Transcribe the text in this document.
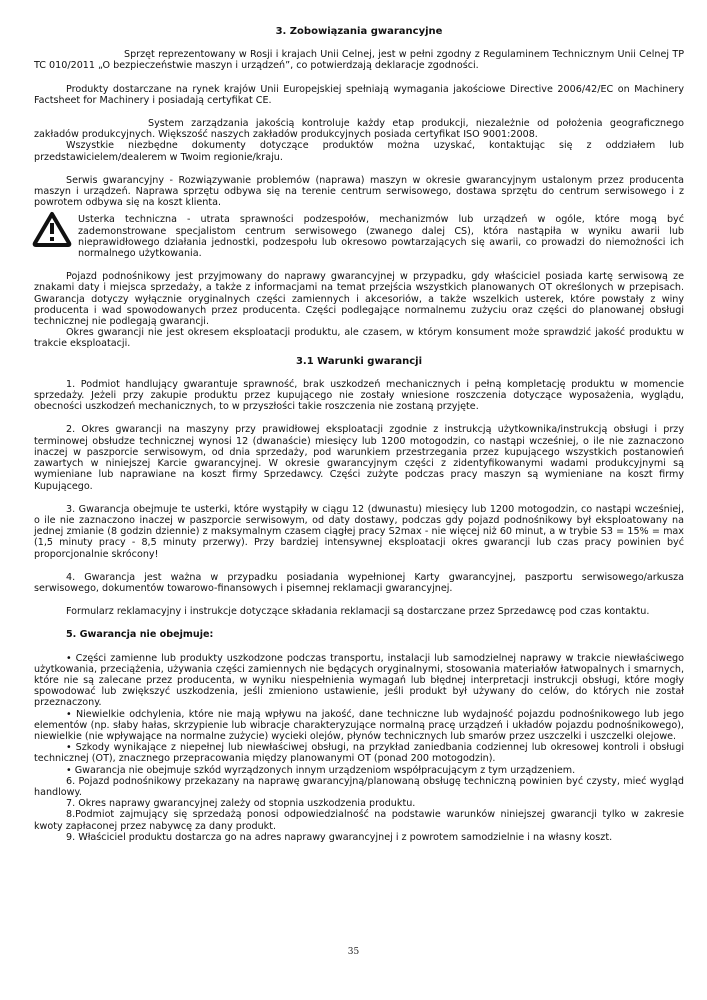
3. Zobowiązania gwarancyjne

Sprzęt reprezentowany w Rosji i krajach Unii Celnej, jest w pełni zgodny z Regulaminem Technicznym Unii Celnej TP TC 010/2011 „O bezpieczeństwie maszyn i urządzeń”, co potwierdzają deklaracje zgodności.

Produkty dostarczane na rynek krajów Unii Europejskiej spełniają wymagania jakościowe Directive 2006/42/EC on Machinery Factsheet for Machinery i posiadają certyfikat CE.

System zarządzania jakością kontroluje każdy etap produkcji, niezależnie od położenia geograficznego zakładów produkcyjnych. Większość naszych zakładów produkcyjnych posiada certyfikat ISO 9001:2008.

Wszystkie niezbędne dokumenty dotyczące produktów można uzyskać, kontaktując się z oddziałem lub przedstawicielem/dealerem w Twoim regionie/kraju.

Serwis gwarancyjny - Rozwiązywanie problemów (naprawa) maszyn w okresie gwarancyjnym ustalonym przez producenta maszyn i urządzeń. Naprawa sprzętu odbywa się na terenie centrum serwisowego, dostawa sprzętu do centrum serwisowego i z powrotem odbywa się na koszt klienta.

Usterka techniczna - utrata sprawności podzespołów, mechanizmów lub urządzeń w ogóle, które mogą być zademonstrowane specjalistom centrum serwisowego (zwanego dalej CS), która nastąpiła w wyniku awarii lub nieprawidłowego działania jednostki, podzespołu lub okresowo powtarzających się awarii, co prowadzi do niemożności ich normalnego użytkowania.

Pojazd podnośnikowy jest przyjmowany do naprawy gwarancyjnej w przypadku, gdy właściciel posiada kartę serwisową ze znakami daty i miejsca sprzedaży, a także z informacjami na temat przejścia wszystkich planowanych OT określonych w przepisach. Gwarancja dotyczy wyłącznie oryginalnych części zamiennych i akcesoriów, a także wszelkich usterek, które powstały z winy producenta i wad spowodowanych przez producenta. Części podlegające normalnemu zużyciu oraz części do planowanej obsługi technicznej nie podlegają gwarancji.

Okres gwarancji nie jest okresem eksploatacji produktu, ale czasem, w którym konsument może sprawdzić jakość produktu w trakcie eksploatacji.

3.1 Warunki gwarancji

1. Podmiot handlujący gwarantuje sprawność, brak uszkodzeń mechanicznych i pełną kompletację produktu w momencie sprzedaży. Jeżeli przy zakupie produktu przez kupującego nie zostały wniesione roszczenia dotyczące wyposażenia, wyglądu, obecności uszkodzeń mechanicznych, to w przyszłości takie roszczenia nie zostaną przyjęte.

2. Okres gwarancji na maszyny przy prawidłowej eksploatacji zgodnie z instrukcją użytkownika/instrukcją obsługi i przy terminowej obsłudze technicznej wynosi 12 (dwanaście) miesięcy lub 1200 motogodzin, co nastąpi wcześniej, o ile nie zaznaczono inaczej w paszporcie serwisowym, od dnia sprzedaży, pod warunkiem przestrzegania przez kupującego wszystkich postanowień zawartych w niniejszej Karcie gwarancyjnej. W okresie gwarancyjnym części z zidentyfikowanymi wadami produkcyjnymi są wymieniane lub naprawiane na koszt firmy Sprzedawcy. Części zużyte podczas pracy maszyn są wymieniane na koszt firmy Kupującego.

3. Gwarancja obejmuje te usterki, które wystąpiły w ciągu 12 (dwunastu) miesięcy lub 1200 motogodzin, co nastąpi wcześniej, o ile nie zaznaczono inaczej w paszporcie serwisowym, od daty dostawy, podczas gdy pojazd podnośnikowy był eksploatowany na jednej zmianie (8 godzin dziennie) z maksymalnym czasem ciągłej pracy S2max - nie więcej niż 60 minut, a w trybie S3 = 15% = max (1,5 minuty pracy - 8,5 minuty przerwy). Przy bardziej intensywnej eksploatacji okres gwarancji lub czas pracy powinien być proporcjonalnie skrócony!

4. Gwarancja jest ważna w przypadku posiadania wypełnionej Karty gwarancyjnej, paszportu serwisowego/arkusza serwisowego, dokumentów towarowo-finansowych i pisemnej reklamacji gwarancyjnej.

Formularz reklamacyjny i instrukcje dotyczące składania reklamacji są dostarczane przez Sprzedawcę pod czas kontaktu.

5. Gwarancja nie obejmuje:

• Części zamienne lub produkty uszkodzone podczas transportu, instalacji lub samodzielnej naprawy w trakcie niewłaściwego użytkowania, przeciążenia, używania części zamiennych nie będących oryginalnymi, stosowania materiałów łatwopalnych i smarnych, które nie są zalecane przez producenta, w wyniku niespełnienia wymagań lub błędnej interpretacji instrukcji obsługi, które mogły spowodować lub zwiększyć uszkodzenia, jeśli zmieniono ustawienie, jeśli produkt był używany do celów, do których nie został przeznaczony.

• Niewielkie odchylenia, które nie mają wpływu na jakość, dane techniczne lub wydajność pojazdu podnośnikowego lub jego elementów (np. słaby hałas, skrzypienie lub wibracje charakteryzujące normalną pracę urządzeń i układów pojazdu podnośnikowego), niewielkie (nie wpływające na normalne zużycie) wycieki olejów, płynów technicznych lub smarów przez uszczelki i uszczelki olejowe.

• Szkody wynikające z niepełnej lub niewłaściwej obsługi, na przykład zaniedbania codziennej lub okresowej kontroli i obsługi technicznej (OT), znacznego przepracowania między planowanymi OT (ponad 200 motogodzin).

• Gwarancja nie obejmuje szkód wyrządzonych innym urządzeniom współpracującym z tym urządzeniem.

6. Pojazd podnośnikowy przekazany na naprawę gwarancyjną/planowaną obsługę techniczną powinien być czysty, mieć wygląd handlowy.

7. Okres naprawy gwarancyjnej zależy od stopnia uszkodzenia produktu.

8.Podmiot zajmujący się sprzedażą ponosi odpowiedzialność na podstawie warunków niniejszej gwarancji tylko w zakresie kwoty zapłaconej przez nabywcę za dany produkt.

9. Właściciel produktu dostarcza go na adres naprawy gwarancyjnej i z powrotem samodzielnie i na własny koszt.

35
